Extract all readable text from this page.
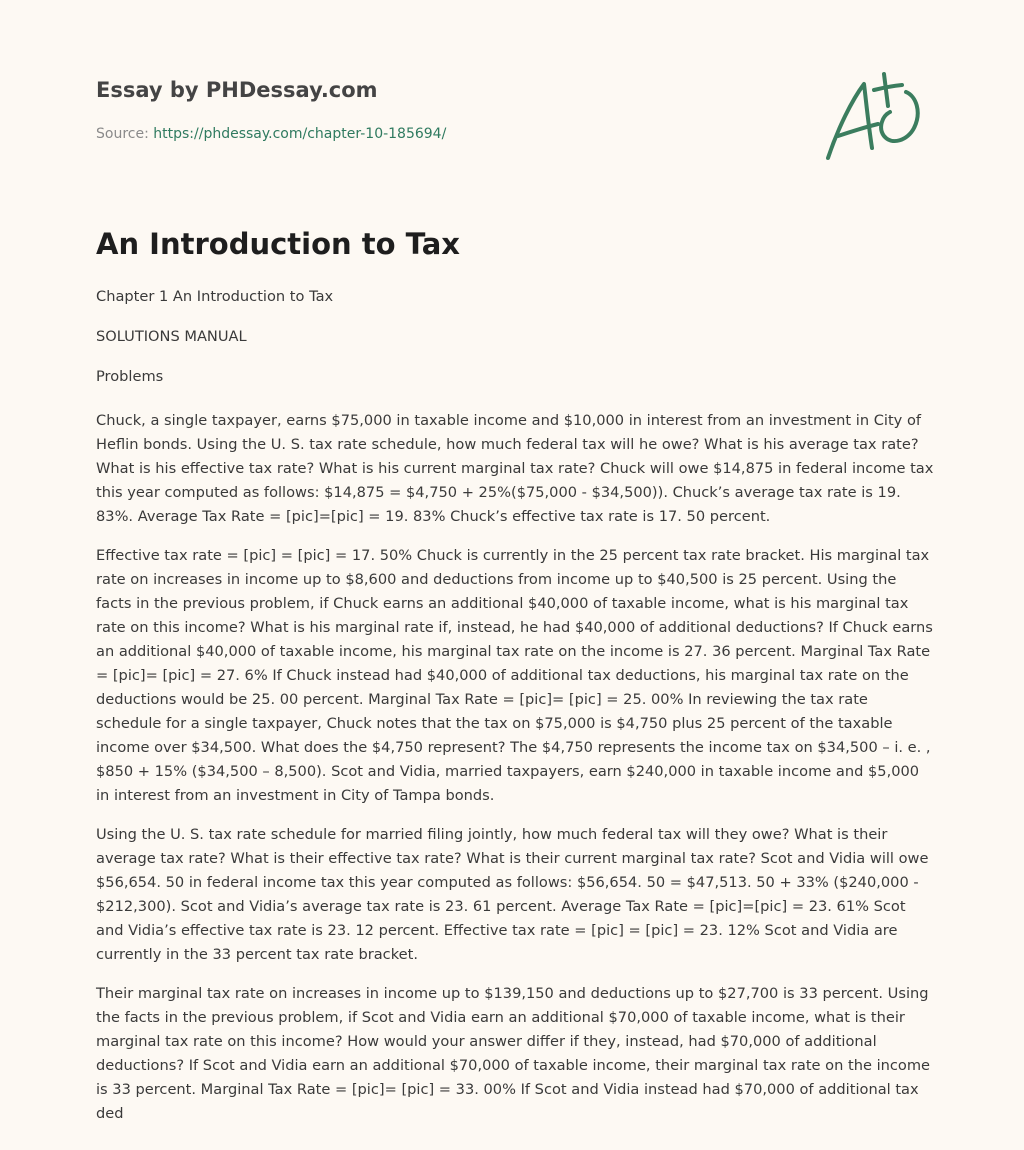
Essay by PHDessay.com
Source: https://phdessay.com/chapter-10-185694/
An Introduction to Tax

Chapter 1 An Introduction to Tax

SOLUTIONS MANUAL

Problems

Chuck, a single taxpayer, earns $75,000 in taxable income and $10,000 in interest from an investment in City of Heflin bonds. Using the U. S. tax rate schedule, how much federal tax will he owe? What is his average tax rate? What is his effective tax rate? What is his current marginal tax rate? Chuck will owe $14,875 in federal income tax this year computed as follows: $14,875 = $4,750 + 25%($75,000 - $34,500)). Chuck’s average tax rate is 19. 83%. Average Tax Rate = [pic]=[pic] = 19. 83% Chuck’s effective tax rate is 17. 50 percent.

Effective tax rate = [pic] = [pic] = 17. 50% Chuck is currently in the 25 percent tax rate bracket. His marginal tax rate on increases in income up to $8,600 and deductions from income up to $40,500 is 25 percent. Using the facts in the previous problem, if Chuck earns an additional $40,000 of taxable income, what is his marginal tax rate on this income? What is his marginal rate if, instead, he had $40,000 of additional deductions? If Chuck earns an additional $40,000 of taxable income, his marginal tax rate on the income is 27. 36 percent. Marginal Tax Rate = [pic]= [pic] = 27. 6% If Chuck instead had $40,000 of additional tax deductions, his marginal tax rate on the deductions would be 25. 00 percent. Marginal Tax Rate = [pic]= [pic] = 25. 00% In reviewing the tax rate schedule for a single taxpayer, Chuck notes that the tax on $75,000 is $4,750 plus 25 percent of the taxable income over $34,500. What does the $4,750 represent? The $4,750 represents the income tax on $34,500 – i. e. , $850 + 15% ($34,500 – 8,500). Scot and Vidia, married taxpayers, earn $240,000 in taxable income and $5,000 in interest from an investment in City of Tampa bonds.

Using the U. S. tax rate schedule for married filing jointly, how much federal tax will they owe? What is their average tax rate? What is their effective tax rate? What is their current marginal tax rate? Scot and Vidia will owe $56,654. 50 in federal income tax this year computed as follows: $56,654. 50 = $47,513. 50 + 33% ($240,000 - $212,300). Scot and Vidia’s average tax rate is 23. 61 percent. Average Tax Rate = [pic]=[pic] = 23. 61% Scot and Vidia’s effective tax rate is 23. 12 percent. Effective tax rate = [pic] = [pic] = 23. 12% Scot and Vidia are currently in the 33 percent tax rate bracket.

Their marginal tax rate on increases in income up to $139,150 and deductions up to $27,700 is 33 percent. Using the facts in the previous problem, if Scot and Vidia earn an additional $70,000 of taxable income, what is their marginal tax rate on this income? How would your answer differ if they, instead, had $70,000 of additional deductions? If Scot and Vidia earn an additional $70,000 of taxable income, their marginal tax rate on the income is 33 percent. Marginal Tax Rate = [pic]= [pic] = 33. 00% If Scot and Vidia instead had $70,000 of additional tax ded
